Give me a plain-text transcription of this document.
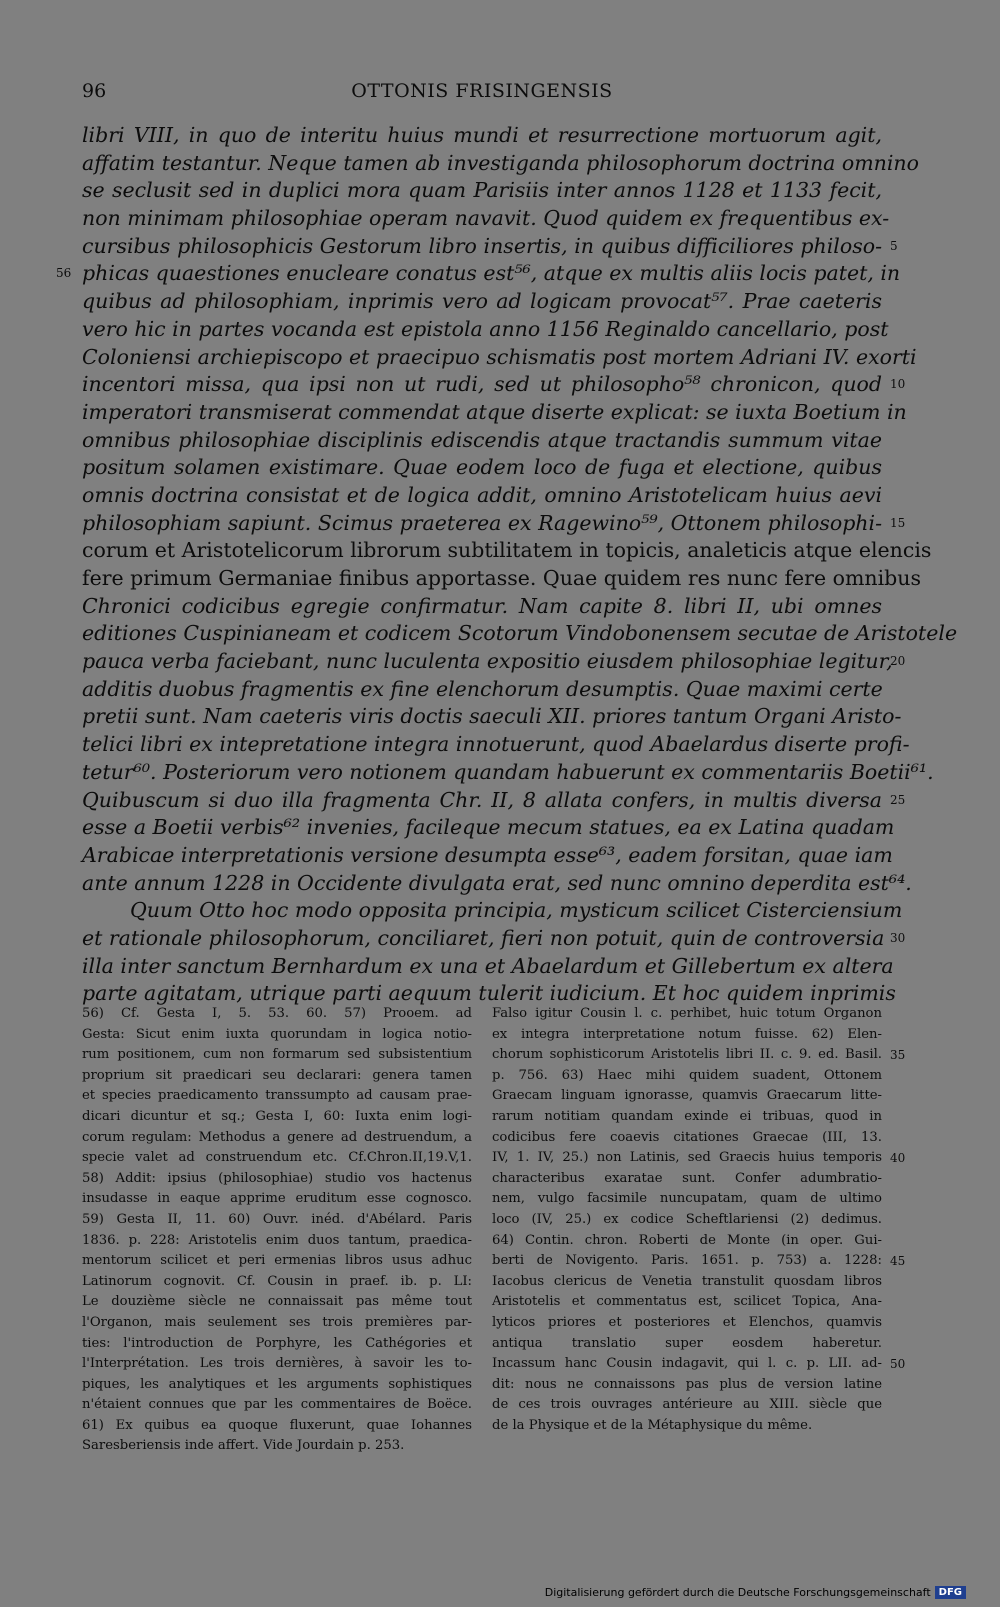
96	OTTONIS FRISINGENSIS
libri VIII, in quo de interitu huius mundi et resurrectione mortuorum agit,
affatim testantur. Neque tamen ab investiganda philosophorum doctrina omnino
se seclusit sed in duplici mora quam Parisiis inter annos 1128 et 1133 fecit,
non minimam philosophiae operam navavit. Quod quidem ex frequentibus ex-
cursibus philosophicis Gestorum libro insertis, in quibus difficiliores philoso- 5
phicas quaestiones enucleare conatus est⁵⁶, atque ex multis aliis locis patet, in
56
quibus ad philosophiam, inprimis vero ad logicam provocat⁵⁷. Prae caeteris
vero hic in partes vocanda est epistola anno 1156 Reginaldo cancellario, post
Coloniensi archiepiscopo et praecipuo schismatis post mortem Adriani IV. exorti
incentori missa, qua ipsi non ut rudi, sed ut philosopho⁵⁸ chronicon, quod 10
imperatori transmiserat commendat atque diserte explicat: se iuxta Boetium in
omnibus philosophiae disciplinis ediscendis atque tractandis summum vitae
positum solamen existimare. Quae eodem loco de fuga et electione, quibus
omnis doctrina consistat et de logica addit, omnino Aristotelicam huius aevi
philosophiam sapiunt. Scimus praeterea ex Ragewino⁵⁹, Ottonem philosophi- 15
corum et Aristotelicorum librorum subtilitatem in topicis, analeticis atque elencis
fere primum Germaniae finibus apportasse. Quae quidem res nunc fere omnibus
Chronici codicibus egregie confirmatur. Nam capite 8. libri II, ubi omnes
editiones Cuspinianeam et codicem Scotorum Vindobonensem secutae de Aristotele
pauca verba faciebant, nunc luculenta expositio eiusdem philosophiae legitur,
20
additis duobus fragmentis ex fine elenchorum desumptis. Quae maximi certe
pretii sunt. Nam caeteris viris doctis saeculi XII. priores tantum Organi Aristo-
telici libri ex intepretatione integra innotuerunt, quod Abaelardus diserte profi-
tetur⁶⁰. Posteriorum vero notionem quandam habuerunt ex commentariis Boetii⁶¹.
Quibuscum si duo illa fragmenta Chr. II, 8 allata confers, in multis diversa 25
esse a Boetii verbis⁶² invenies, facileque mecum statues, ea ex Latina quadam
Arabicae interpretationis versione desumpta esse⁶³, eadem forsitan, quae iam
ante annum 1228 in Occidente divulgata erat, sed nunc omnino deperdita est⁶⁴.
Quum Otto hoc modo opposita principia, mysticum scilicet Cisterciensium
et rationale philosophorum, conciliaret, fieri non potuit, quin de controversia 30
illa inter sanctum Bernhardum ex una et Abaelardum et Gillebertum ex altera
parte agitatam, utrique parti aequum tulerit iudicium. Et hoc quidem inprimis
56) Cf. Gesta I, 5. 53. 60. 57) Prooem. ad
Gesta: Sicut enim iuxta quorundam in logica notio-
rum positionem, cum non formarum sed subsistentium
proprium sit praedicari seu declarari: genera tamen
et species praedicamento transsumpto ad causam prae-
dicari dicuntur et sq.; Gesta I, 60: Iuxta enim logi-
corum regulam: Methodus a genere ad destruendum, a
specie valet ad construendum etc. Cf.Chron.II,19.V,1.
58) Addit: ipsius (philosophiae) studio vos hactenus
insudasse in eaque apprime eruditum esse cognosco.
59) Gesta II, 11. 60) Ouvr. inéd. d'Abélard. Paris
1836. p. 228: Aristotelis enim duos tantum, praedica-
mentorum scilicet et peri ermenias libros usus adhuc
Latinorum cognovit. Cf. Cousin in praef. ib. p. LI:
Le douzième siècle ne connaissait pas même tout
l'Organon, mais seulement ses trois premières par-
ties: l'introduction de Porphyre, les Cathégories et
l'Interprétation. Les trois dernières, à savoir les to-
piques, les analytiques et les arguments sophistiques
n'étaient connues que par les commentaires de Boëce.
61) Ex quibus ea quoque fluxerunt, quae Iohannes
Saresberiensis inde affert. Vide Jourdain p. 253.
Falso igitur Cousin l. c. perhibet, huic totum Organon
ex integra interpretatione notum fuisse. 62) Elen-
chorum sophisticorum Aristotelis libri II. c. 9. ed. Basil. 35
p. 756. 63) Haec mihi quidem suadent, Ottonem
Graecam linguam ignorasse, quamvis Graecarum litte-
rarum notitiam quandam exinde ei tribuas, quod in
codicibus fere coaevis citationes Graecae (III, 13.
IV, 1. IV, 25.) non Latinis, sed Graecis huius temporis 40
characteribus exaratae sunt. Confer adumbratio-
nem, vulgo facsimile nuncupatam, quam de ultimo
loco (IV, 25.) ex codice Scheftlariensi (2) dedimus.
64) Contin. chron. Roberti de Monte (in oper. Gui-
berti de Novigento. Paris. 1651. p. 753) a. 1228: 45
Iacobus clericus de Venetia transtulit quosdam libros
Aristotelis et commentatus est, scilicet Topica, Ana-
lyticos priores et posteriores et Elenchos, quamvis
antiqua translatio super eosdem haberetur.
Incassum hanc Cousin indagavit, qui l. c. p. LII. ad- 50
dit: nous ne connaissons pas plus de version latine
de ces trois ouvrages antérieure au XIII. siècle que
de la Physique et de la Métaphysique du même.
Digitalisierung gefördert durch die Deutsche Forschungsgemeinschaft DFG
